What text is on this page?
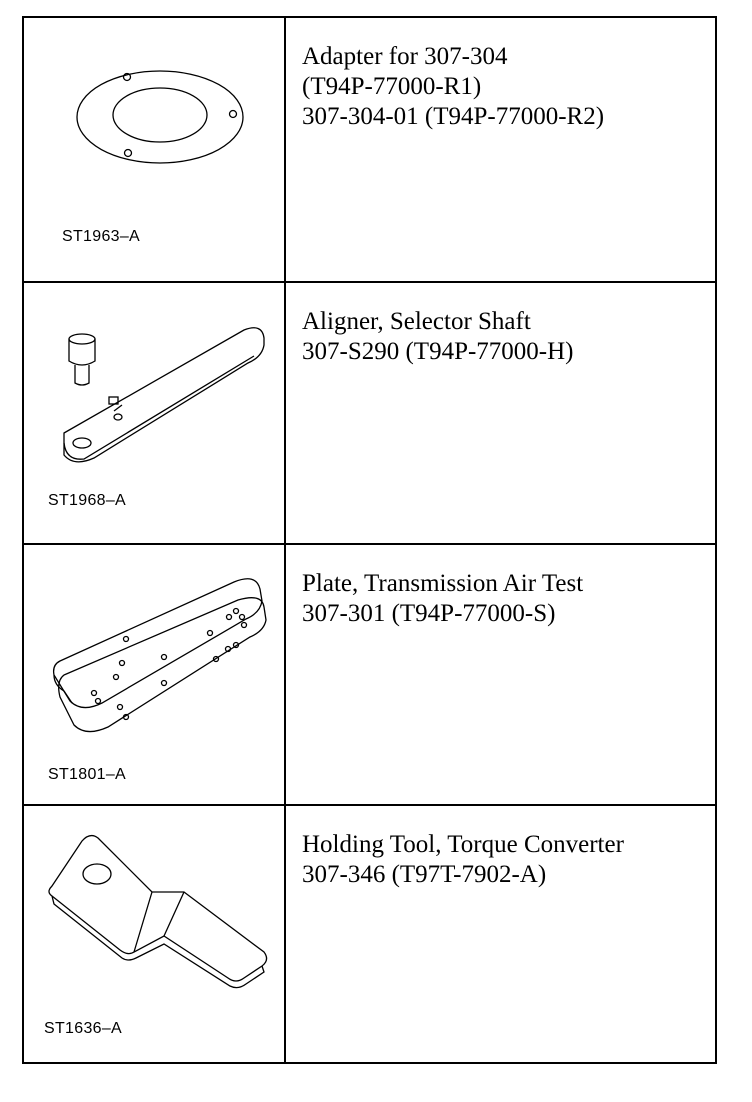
ST1963–A
Adapter for 307-304
(T94P-77000-R1)
307-304-01 (T94P-77000-R2)
ST1968–A
Aligner, Selector Shaft
307-S290 (T94P-77000-H)
ST1801–A
Plate, Transmission Air Test
307-301 (T94P-77000-S)
ST1636–A
Holding Tool, Torque Converter
307-346 (T97T-7902-A)
